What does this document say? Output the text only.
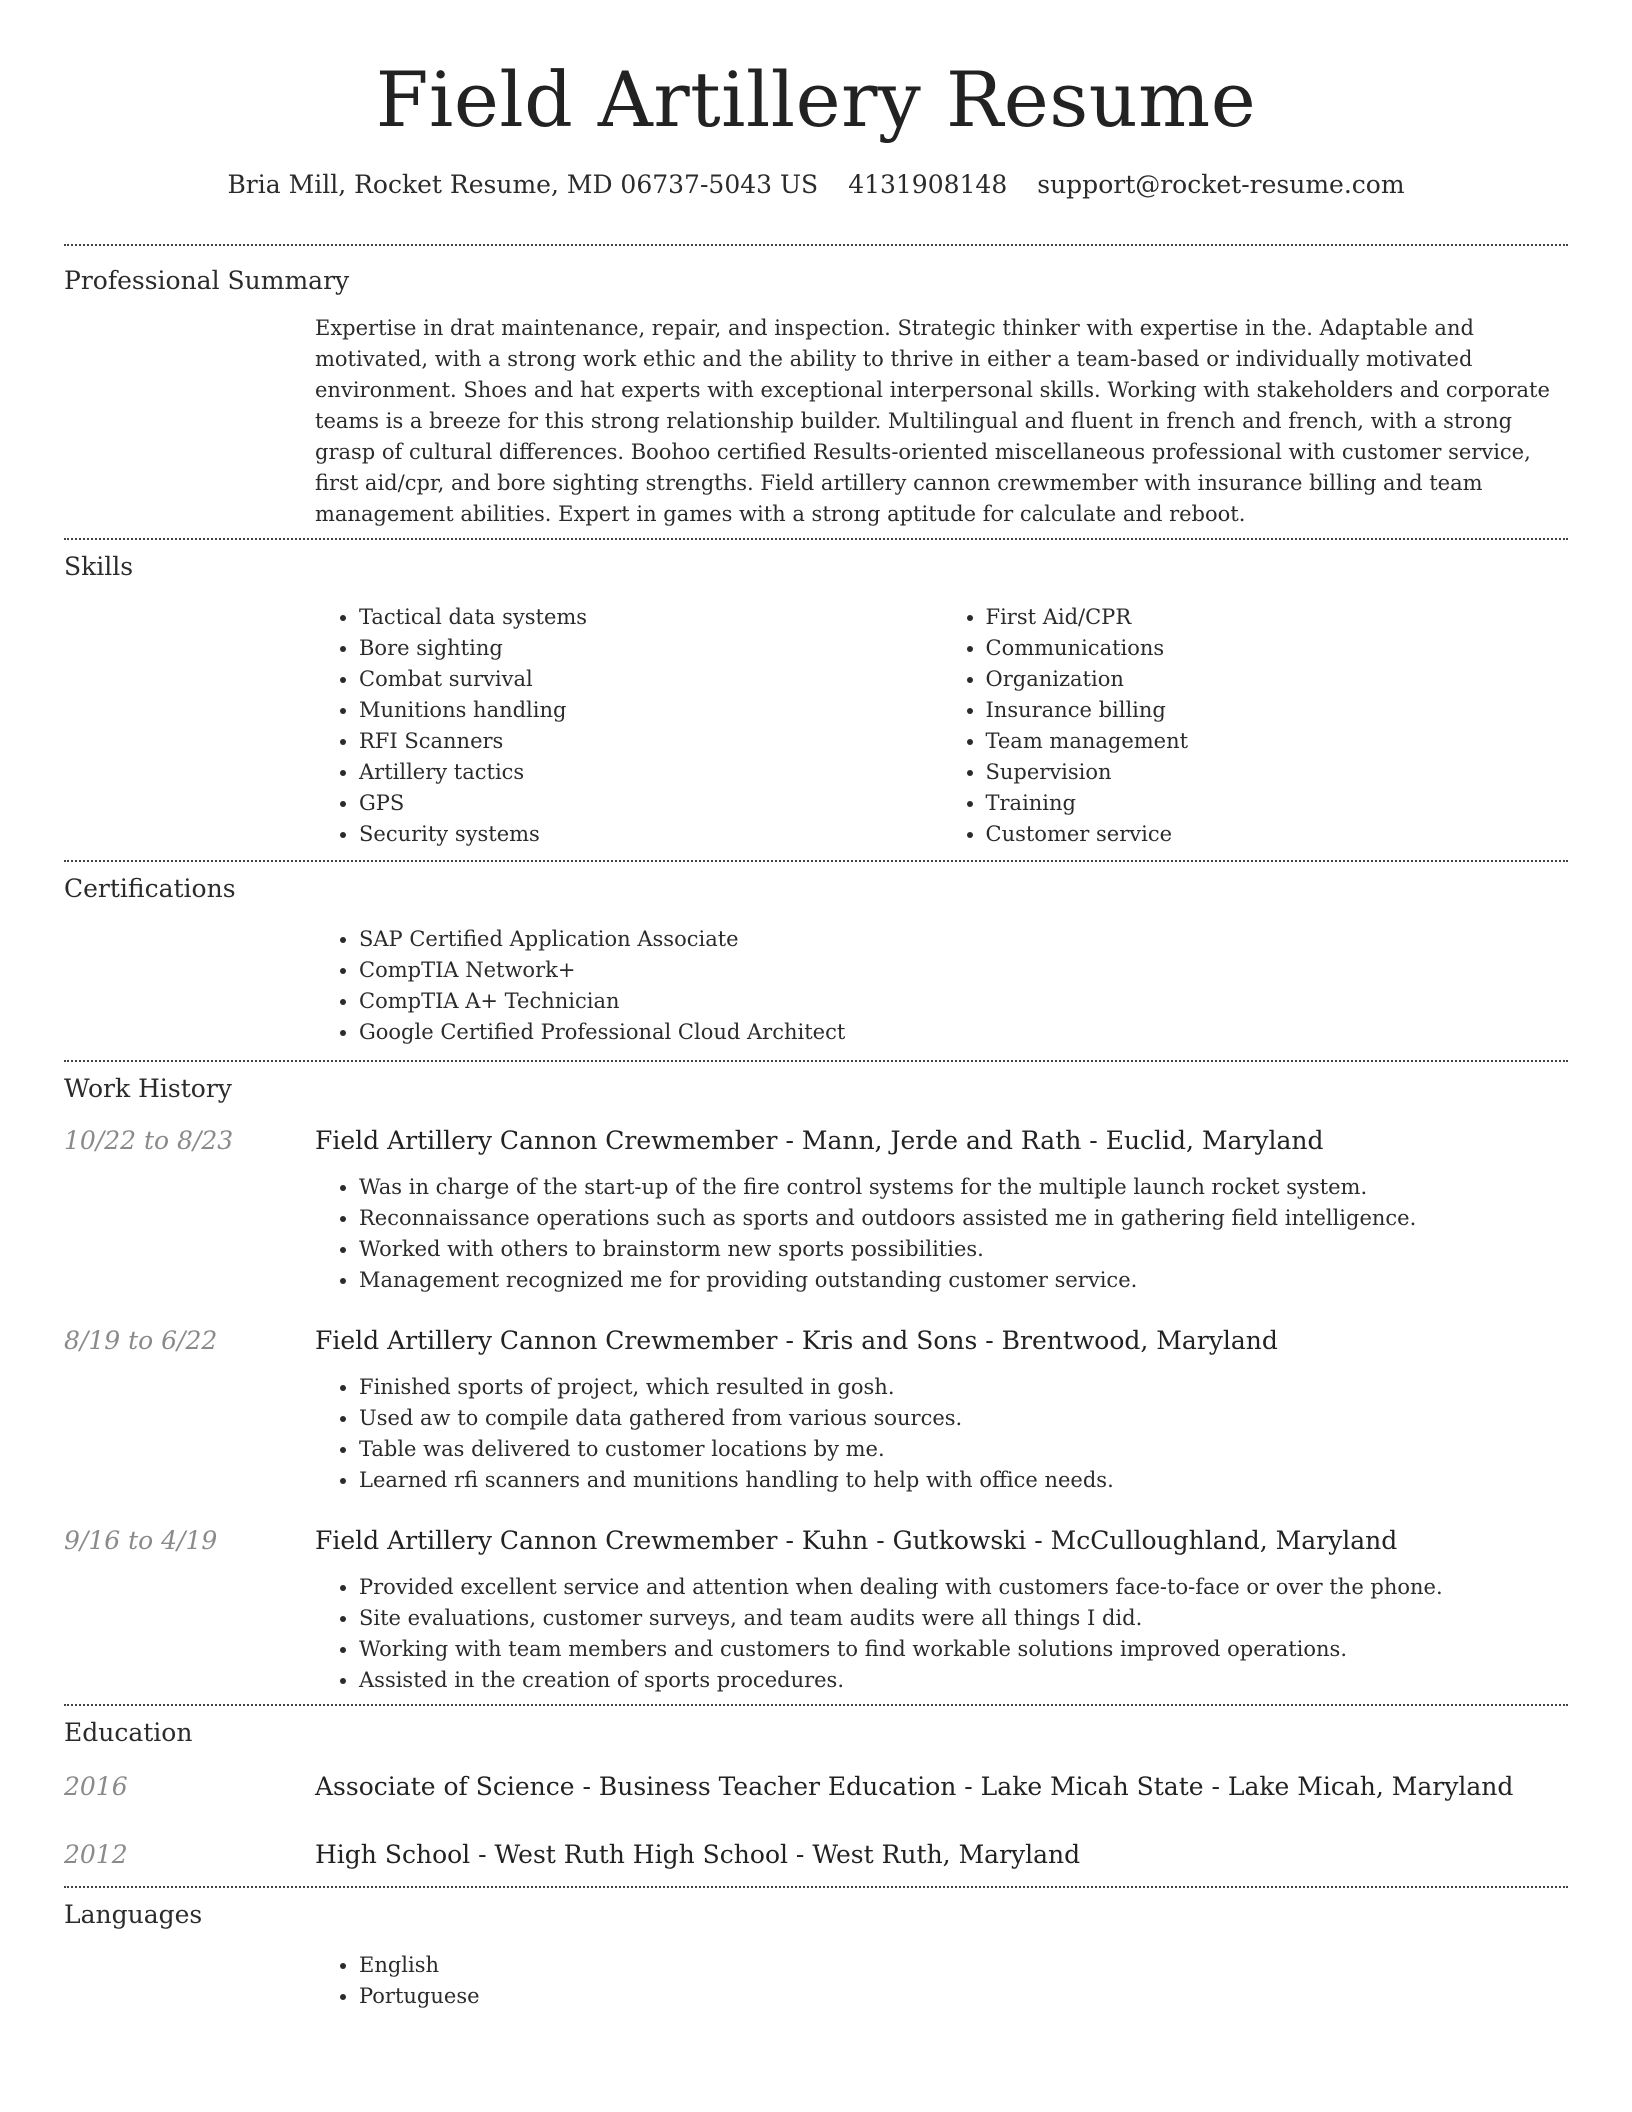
Field Artillery Resume
Bria Mill, Rocket Resume, MD 06737-5043 US 4131908148 support@rocket-resume.com
Professional Summary

Expertise in drat maintenance, repair, and inspection. Strategic thinker with expertise in the. Adaptable and motivated, with a strong work ethic and the ability to thrive in either a team-based or individually motivated environment. Shoes and hat experts with exceptional interpersonal skills. Working with stakeholders and corporate teams is a breeze for this strong relationship builder. Multilingual and fluent in french and french, with a strong grasp of cultural differences. Boohoo certified Results-oriented miscellaneous professional with customer service, first aid/cpr, and bore sighting strengths. Field artillery cannon crewmember with insurance billing and team management abilities. Expert in games with a strong aptitude for calculate and reboot.

Skills
• Tactical data systems
• Bore sighting
• Combat survival
• Munitions handling
• RFI Scanners
• Artillery tactics
• GPS
• Security systems
• First Aid/CPR
• Communications
• Organization
• Insurance billing
• Team management
• Supervision
• Training
• Customer service
Certifications
• SAP Certified Application Associate
• CompTIA Network+
• CompTIA A+ Technician
• Google Certified Professional Cloud Architect
Work History
10/22 to 8/23	Field Artillery Cannon Crewmember - Mann, Jerde and Rath - Euclid, Maryland
• Was in charge of the start-up of the fire control systems for the multiple launch rocket system.
• Reconnaissance operations such as sports and outdoors assisted me in gathering field intelligence.
• Worked with others to brainstorm new sports possibilities.
• Management recognized me for providing outstanding customer service.
8/19 to 6/22	Field Artillery Cannon Crewmember - Kris and Sons - Brentwood, Maryland
• Finished sports of project, which resulted in gosh.
• Used aw to compile data gathered from various sources.
• Table was delivered to customer locations by me.
• Learned rfi scanners and munitions handling to help with office needs.
9/16 to 4/19	Field Artillery Cannon Crewmember - Kuhn - Gutkowski - McCulloughland, Maryland
• Provided excellent service and attention when dealing with customers face-to-face or over the phone.
• Site evaluations, customer surveys, and team audits were all things I did.
• Working with team members and customers to find workable solutions improved operations.
• Assisted in the creation of sports procedures.
Education
2016	Associate of Science - Business Teacher Education - Lake Micah State - Lake Micah, Maryland
2012	High School - West Ruth High School - West Ruth, Maryland
Languages
• English
• Portuguese
